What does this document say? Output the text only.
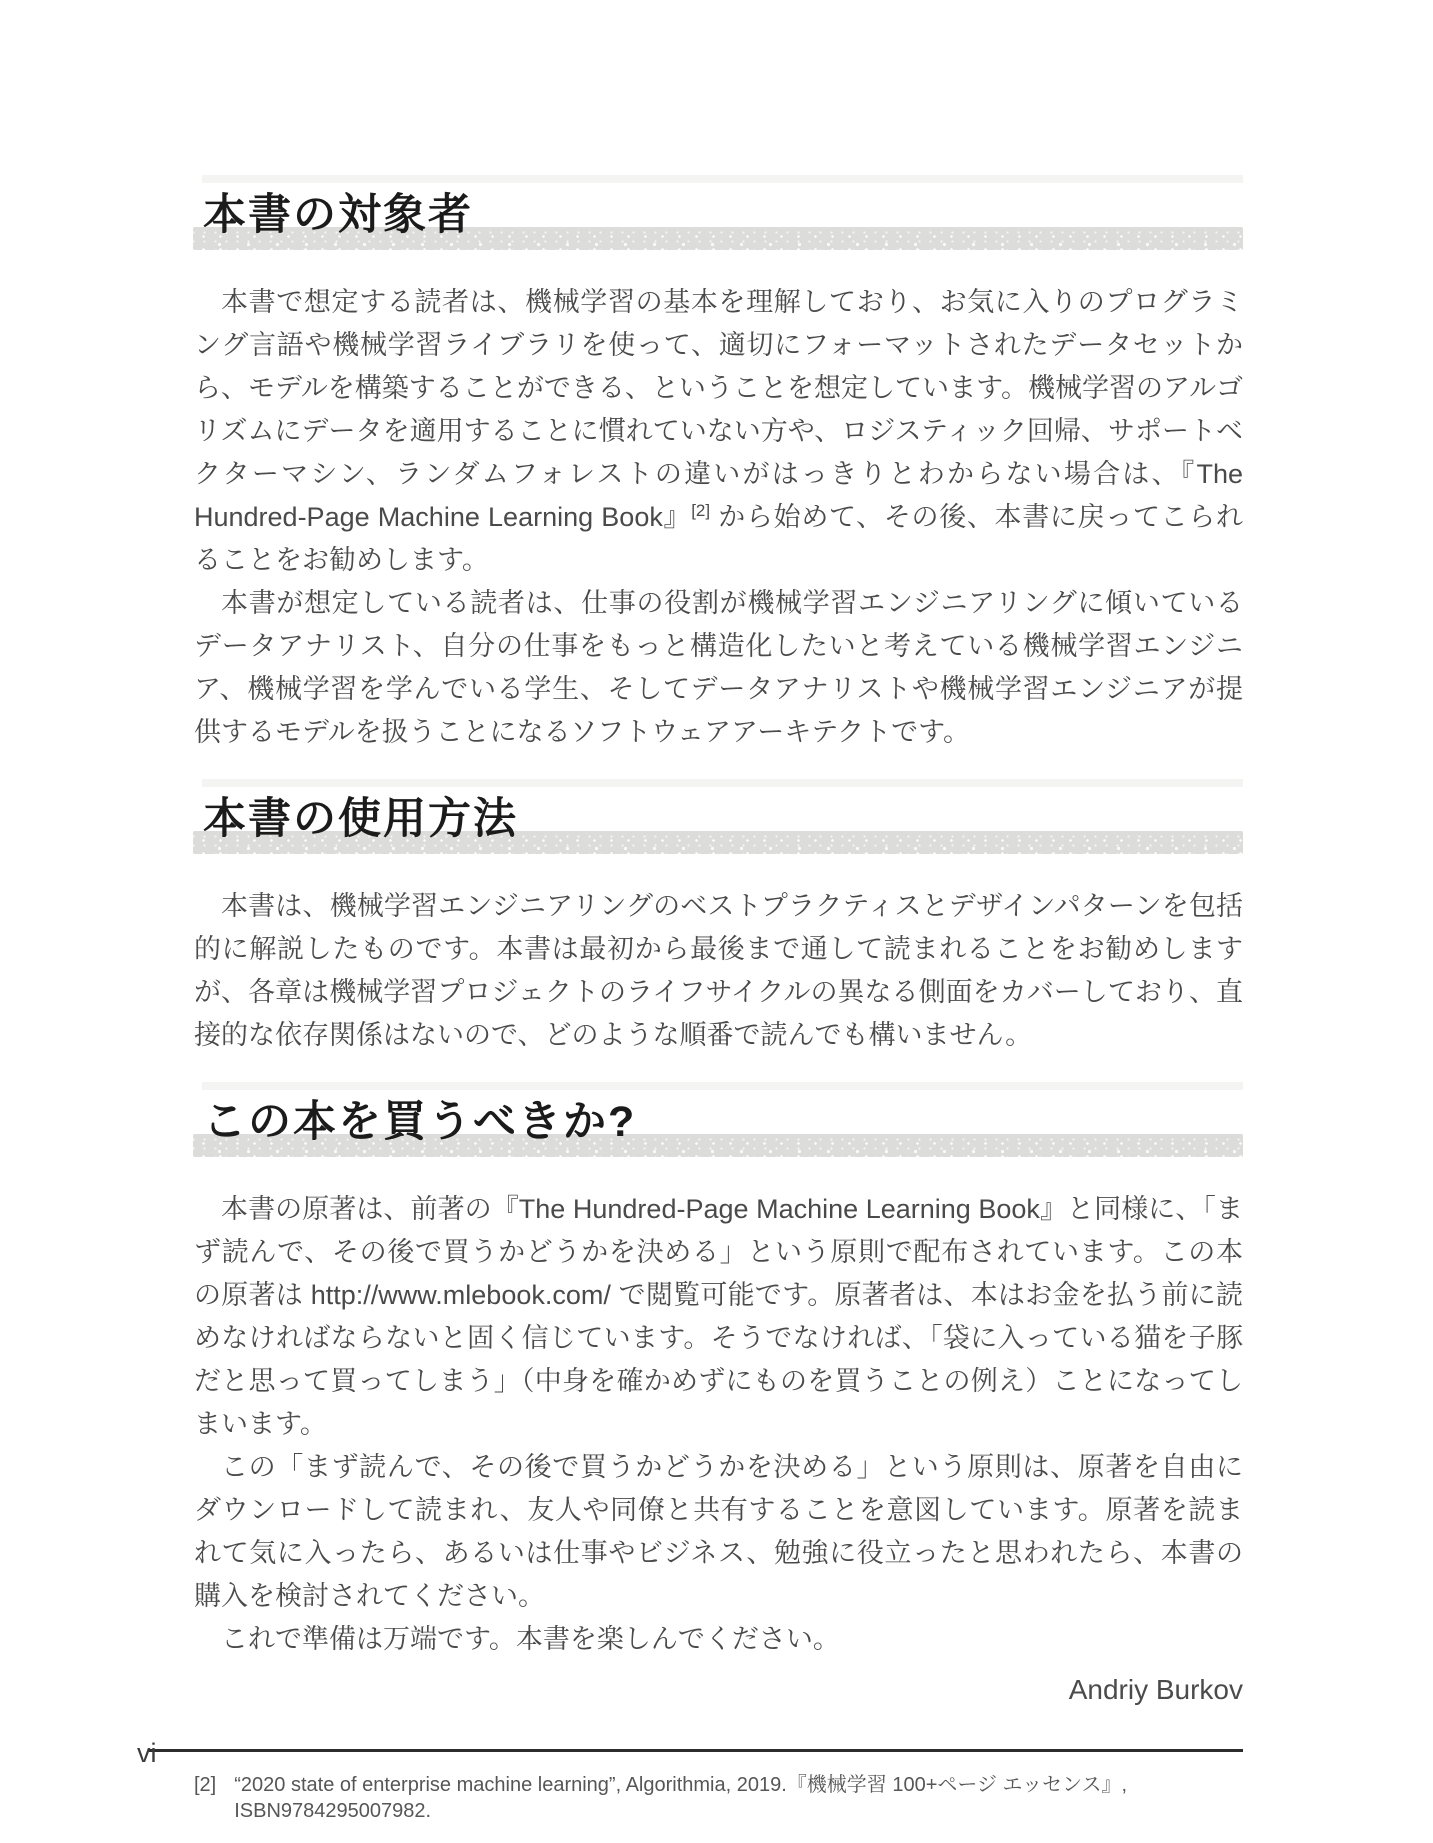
本書の対象者

本書で想定する読者は、機械学習の基本を理解しており、お気に入りのプログラミング言語や機械学習ライブラリを使って、適切にフォーマットされたデータセットから、モデルを構築することができる、ということを想定しています。機械学習のアルゴリズムにデータを適用することに慣れていない方や、ロジスティック回帰、サポートベクターマシン、ランダムフォレストの違いがはっきりとわからない場合は、『The Hundred-Page Machine Learning Book』[2] から始めて、その後、本書に戻ってこられることをお勧めします。

本書が想定している読者は、仕事の役割が機械学習エンジニアリングに傾いているデータアナリスト、自分の仕事をもっと構造化したいと考えている機械学習エンジニア、機械学習を学んでいる学生、そしてデータアナリストや機械学習エンジニアが提供するモデルを扱うことになるソフトウェアアーキテクトです。

本書の使用方法

本書は、機械学習エンジニアリングのベストプラクティスとデザインパターンを包括的に解説したものです。本書は最初から最後まで通して読まれることをお勧めしますが、各章は機械学習プロジェクトのライフサイクルの異なる側面をカバーしており、直接的な依存関係はないので、どのような順番で読んでも構いません。

この本を買うべきか?

本書の原著は、前著の『The Hundred-Page Machine Learning Book』と同様に、「まず読んで、その後で買うかどうかを決める」という原則で配布されています。この本の原著は http://www.mlebook.com/ で閲覧可能です。原著者は、本はお金を払う前に読めなければならないと固く信じています。そうでなければ、「袋に入っている猫を子豚だと思って買ってしまう」（中身を確かめずにものを買うことの例え）ことになってしまいます。

この「まず読んで、その後で買うかどうかを決める」という原則は、原著を自由にダウンロードして読まれ、友人や同僚と共有することを意図しています。原著を読まれて気に入ったら、あるいは仕事やビジネス、勉強に役立ったと思われたら、本書の購入を検討されてください。

これで準備は万端です。本書を楽しんでください。

Andriy Burkov
[2] “2020 state of enterprise machine learning”, Algorithmia, 2019.『機械学習 100+ページ エッセンス』, ISBN9784295007982.
vi
